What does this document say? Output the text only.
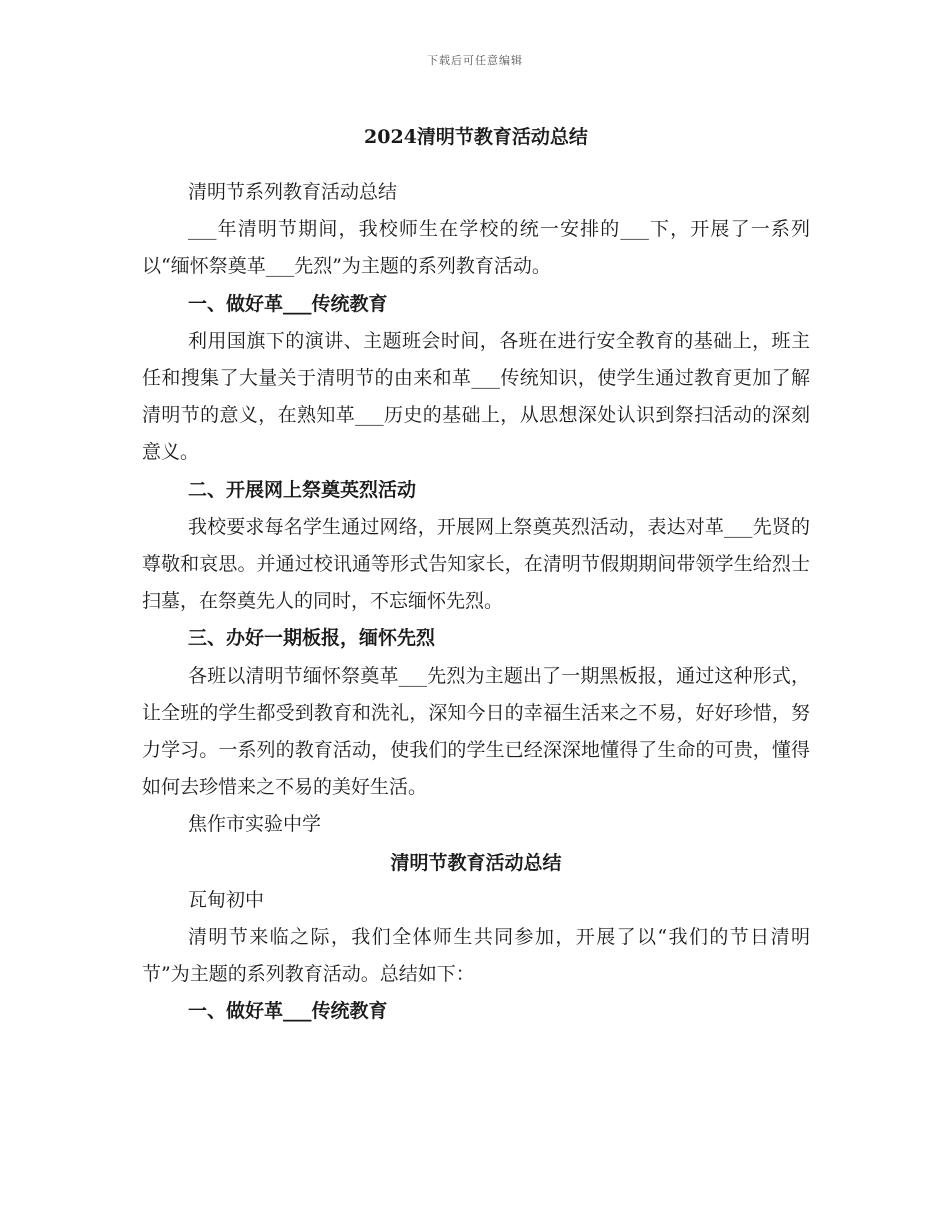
下载后可任意编辑
2024清明节教育活动总结

清明节系列教育活动总结

___年清明节期间，我校师生在学校的统一安排的___下，开展了一系列以“缅怀祭奠革___先烈”为主题的系列教育活动。

一、做好革___传统教育

利用国旗下的演讲、主题班会时间，各班在进行安全教育的基础上，班主任和搜集了大量关于清明节的由来和革___传统知识，使学生通过教育更加了解清明节的意义，在熟知革___历史的基础上，从思想深处认识到祭扫活动的深刻意义。

二、开展网上祭奠英烈活动

我校要求每名学生通过网络，开展网上祭奠英烈活动，表达对革___先贤的尊敬和哀思。并通过校讯通等形式告知家长，在清明节假期期间带领学生给烈士扫墓，在祭奠先人的同时，不忘缅怀先烈。

三、办好一期板报，缅怀先烈

各班以清明节缅怀祭奠革___先烈为主题出了一期黑板报，通过这种形式，让全班的学生都受到教育和洗礼，深知今日的幸福生活来之不易，好好珍惜，努力学习。一系列的教育活动，使我们的学生已经深深地懂得了生命的可贵，懂得如何去珍惜来之不易的美好生活。

焦作市实验中学

清明节教育活动总结

瓦甸初中

清明节来临之际，我们全体师生共同参加，开展了以“我们的节日清明节”为主题的系列教育活动。总结如下：

一、做好革___传统教育
